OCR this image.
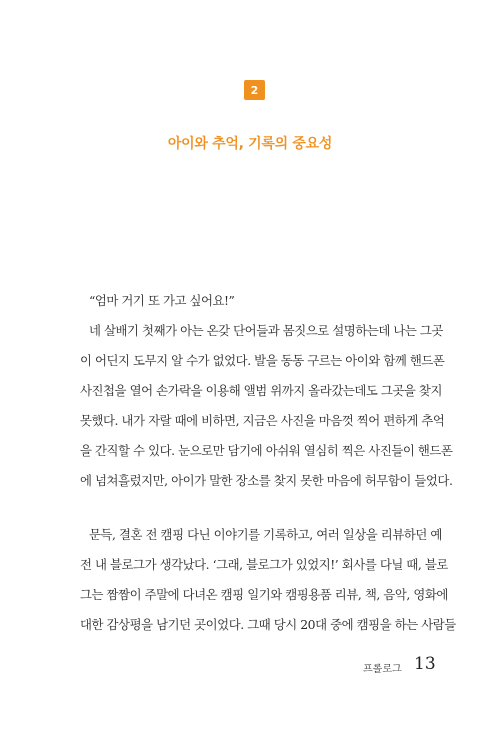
2
아이와 추억, 기록의 중요성

“엄마 거기 또 가고 싶어요!”

네 살배기 첫째가 아는 온갖 단어들과 몸짓으로 설명하는데 나는 그곳

이 어딘지 도무지 알 수가 없었다. 발을 동동 구르는 아이와 함께 핸드폰

사진첩을 열어 손가락을 이용해 앨범 위까지 올라갔는데도 그곳을 찾지

못했다. 내가 자랄 때에 비하면, 지금은 사진을 마음껏 찍어 편하게 추억

을 간직할 수 있다. 눈으로만 담기에 아쉬워 열심히 찍은 사진들이 핸드폰

에 넘쳐흘렀지만, 아이가 말한 장소를 찾지 못한 마음에 허무함이 들었다.

문득, 결혼 전 캠핑 다닌 이야기를 기록하고, 여러 일상을 리뷰하던 예

전 내 블로그가 생각났다. ‘그래, 블로그가 있었지!’ 회사를 다닐 때, 블로

그는 짬짬이 주말에 다녀온 캠핑 일기와 캠핑용품 리뷰, 책, 음악, 영화에

대한 감상평을 남기던 곳이었다. 그때 당시 20대 중에 캠핑을 하는 사람들

프롤로그 13
